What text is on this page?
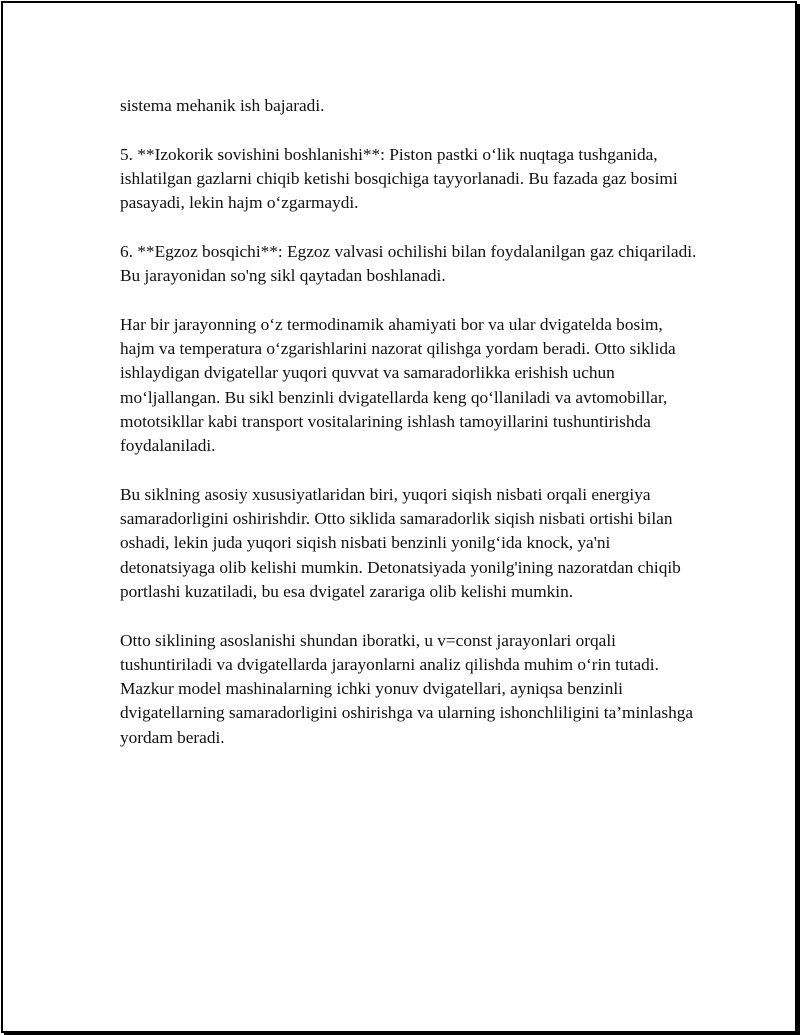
sistema mehanik ish bajaradi.

5. **Izokorik sovishini boshlanishi**: Piston pastki o‘lik nuqtaga tushganida, ishlatilgan gazlarni chiqib ketishi bosqichiga tayyorlanadi. Bu fazada gaz bosimi pasayadi, lekin hajm o‘zgarmaydi.

6. **Egzoz bosqichi**: Egzoz valvasi ochilishi bilan foydalanilgan gaz chiqariladi. Bu jarayonidan so'ng sikl qaytadan boshlanadi.

Har bir jarayonning o‘z termodinamik ahamiyati bor va ular dvigatelda bosim, hajm va temperatura o‘zgarishlarini nazorat qilishga yordam beradi. Otto siklida ishlaydigan dvigatellar yuqori quvvat va samaradorlikka erishish uchun mo‘ljallangan. Bu sikl benzinli dvigatellarda keng qo‘llaniladi va avtomobillar, mototsikllar kabi transport vositalarining ishlash tamoyillarini tushuntirishda foydalaniladi.

Bu siklning asosiy xususiyatlaridan biri, yuqori siqish nisbati orqali energiya samaradorligini oshirishdir. Otto siklida samaradorlik siqish nisbati ortishi bilan oshadi, lekin juda yuqori siqish nisbati benzinli yonilg‘ida knock, ya'ni detonatsiyaga olib kelishi mumkin. Detonatsiyada yonilg'ining nazoratdan chiqib portlashi kuzatiladi, bu esa dvigatel zarariga olib kelishi mumkin.

Otto siklining asoslanishi shundan iboratki, u v=const jarayonlari orqali tushuntiriladi va dvigatellarda jarayonlarni analiz qilishda muhim o‘rin tutadi. Mazkur model mashinalarning ichki yonuv dvigatellari, ayniqsa benzinli dvigatellarning samaradorligini oshirishga va ularning ishonchliligini ta’minlashga yordam beradi.
